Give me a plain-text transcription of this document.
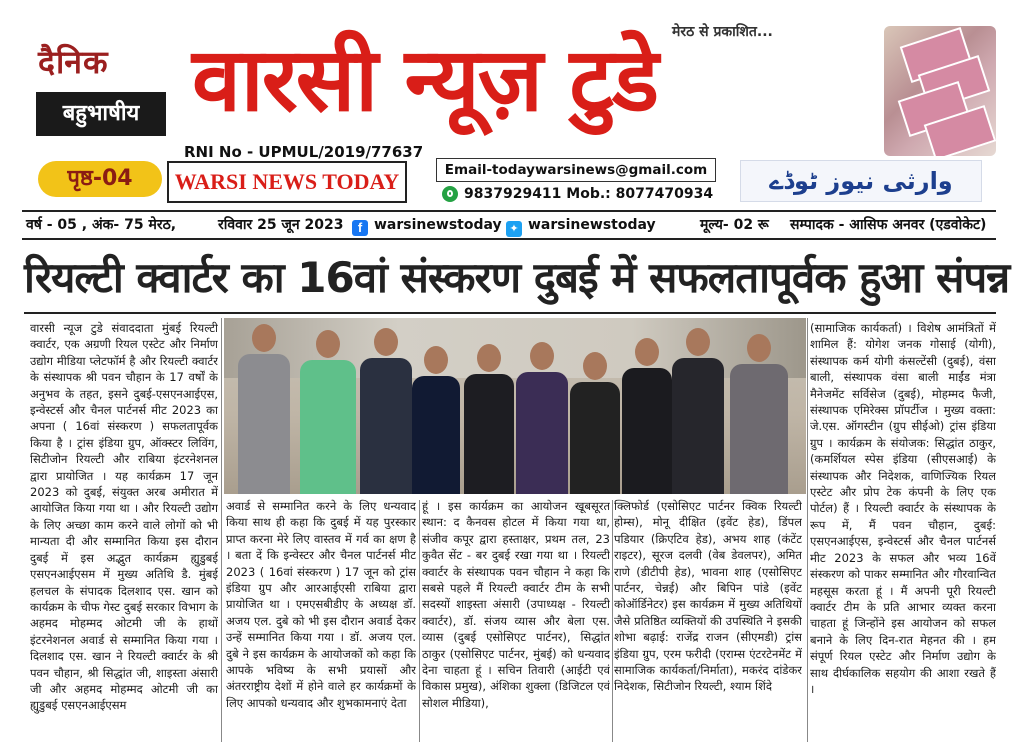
दैनिक
बहुभाषीय
पृष्ठ-04
वारसी न्यूज़ टुडे	मेरठ से प्रकाशित...
RNI No - UPMUL/2019/77637
WARSI NEWS TODAY	Email-todaywarsinews@gmail.com
9837929411 Mob.: 8077470934	وارثی نیوز ٹوڈے
वर्ष - 05 , अंक- 75 मेरठ,	रविवार 25 जून 2023	f warsinewstoday ✦ warsinewstoday	मूल्य- 02 रू सम्पादक - आसिफ अनवर (एडवोकेट)
रियल्टी क्वार्टर का 16वां संस्करण दुबई में सफलतापूर्वक हुआ संपन्न
वारसी न्यूज टुडे संवाददाता मुंबई रियल्टी क्वार्टर, एक अग्रणी रियल एस्टेट और निर्माण उद्योग मीडिया प्लेटफॉर्म है और रियल्टी क्वार्टर के संस्थापक श्री पवन चौहान के 17 वर्षों के अनुभव के तहत, इसने दुबई-एसएनआईएस, इन्वेस्टर्स और चैनल पार्टनर्स मीट 2023 का अपना ( 16वां संस्करण ) सफलतापूर्वक किया है । ट्रांस इंडिया ग्रुप, ऑक्स्टर लिविंग, सिटीजोन रियल्टी और राबिया इंटरनेशनल द्वारा प्रायोजित । यह कार्यक्रम 17 जून 2023 को दुबई, संयुक्त अरब अमीरात में आयोजित किया गया था । और रियल्टी उद्योग के लिए अच्छा काम करने वाले लोगों को भी मान्यता दी और सम्मानित किया इस दौरान दुबई में इस अद्भुत कार्यक्रम ह्युडुबई एसएनआईएसम में मुख्य अतिथि डै. मुंबई हलचल के संपादक दिलशाद एस. खान को कार्यक्रम के चीफ गेस्ट दुबई सरकार विभाग के अहमद मोहम्मद ओटमी जी के हाथों इंटरनेशनल अवार्ड से सम्मानित किया गया । दिलशाद एस. खान ने रियल्टी क्वार्टर के श्री पवन चौहान, श्री सिद्धांत जी, शाइस्ता अंसारी जी और अहमद मोहम्मद ओटमी जी का ह्युडुबई एसएनआईएसम
अवार्ड से सम्मानित करने के लिए धन्यवाद किया साथ ही कहा कि दुबई में यह पुरस्कार प्राप्त करना मेरे लिए वास्तव में गर्व का क्षण है । बता दें कि इन्वेस्टर और चैनल पार्टनर्स मीट 2023 ( 16वां संस्करण ) 17 जून को ट्रांस इंडिया ग्रुप और आरआईएसी राबिया द्वारा प्रायोजित था । एमएसबीडीए के अध्यक्ष डॉ. अजय एल. दुबे को भी इस दौरान अवार्ड देकर उन्हें सम्मानित किया गया । डॉ. अजय एल. दुबे ने इस कार्यक्रम के आयोजकों को कहा कि आपके भविष्य के सभी प्रयासों और अंतरराष्ट्रीय देशों में होने वाले हर कार्यक्रमों के लिए आपको धन्यवाद और शुभकामनाएं देता
हूं । इस कार्यक्रम का आयोजन खूबसूरत स्थान: द कैनवस होटल में किया गया था, संजीव कपूर द्वारा हस्ताक्षर, प्रथम तल, 23 कुवैत सेंट - बर दुबई रखा गया था । रियल्टी क्वार्टर के संस्थापक पवन चौहान ने कहा कि सबसे पहले मैं रियल्टी क्वार्टर टीम के सभी सदस्यों शाइस्ता अंसारी (उपाध्यक्ष - रियल्टी क्वार्टर), डॉ. संजय व्यास और बेला एस. व्यास (दुबई एसोसिएट पार्टनर), सिद्धांत ठाकुर (एसोसिएट पार्टनर, मुंबई) को धन्यवाद देना चाहता हूं । सचिन तिवारी (आईटी एवं विकास प्रमुख), अंशिका शुक्ला (डिजिटल एवं सोशल मीडिया),
क्लिफोर्ड (एसोसिएट पार्टनर क्विक रियल्टी होम्स), मोनू दीक्षित (इवेंट हेड), डिंपल पडियार (क्रिएटिव हेड), अभय शाह (कंटेंट राइटर), सूरज दलवी (वेब डेवलपर), अमित राणे (डीटीपी हेड), भावना शाह (एसोसिएट पार्टनर, चेन्नई) और बिपिन पांडे (इवेंट कोऑर्डिनेटर) इस कार्यक्रम में मुख्य अतिथियों जैसे प्रतिष्ठित व्यक्तियों की उपस्थिति ने इसकी शोभा बढ़ाई: राजेंद्र राजन (सीएमडी) ट्रांस इंडिया ग्रुप, एरम फरीदी (एराम्स एंटरटेनमेंट में सामाजिक कार्यकर्ता/निर्माता), मकरंद दांडेकर निदेशक, सिटीजोन रियल्टी, श्याम शिंदे
(सामाजिक कार्यकर्ता) । विशेष आमंत्रितों में शामिल हैं: योगेश जनक गोसाई (योगी), संस्थापक कर्म योगी कंसल्टेंसी (दुबई), वंसा बाली, संस्थापक वंसा बाली माईंड मंत्रा मैनेजमेंट सर्विसेज (दुबई), मोहम्मद फैजी, संस्थापक एमिरेक्स प्रॉपर्टीज । मुख्य वक्ता: जे.एस. ऑगस्टीन (ग्रुप सीईओ) ट्रांस इंडिया ग्रुप । कार्यक्रम के संयोजक: सिद्धांत ठाकुर, (कमर्शियल स्पेस इंडिया (सीएसआई) के संस्थापक और निदेशक, वाणिज्यिक रियल एस्टेट और प्रोप टेक कंपनी के लिए एक पोर्टल) हैं । रियल्टी क्वार्टर के संस्थापक के रूप में, मैं पवन चौहान, दुबई: एसएनआईएस, इन्वेस्टर्स और चैनल पार्टनर्स मीट 2023 के सफल और भव्य 16वें संस्करण को पाकर सम्मानित और गौरवान्वित महसूस करता हूं । मैं अपनी पूरी रियल्टी क्वार्टर टीम के प्रति आभार व्यक्त करना चाहता हूं जिन्होंने इस आयोजन को सफल बनाने के लिए दिन-रात मेहनत की । हम संपूर्ण रियल एस्टेट और निर्माण उद्योग के साथ दीर्घकालिक सहयोग की आशा रखते हैं ।
